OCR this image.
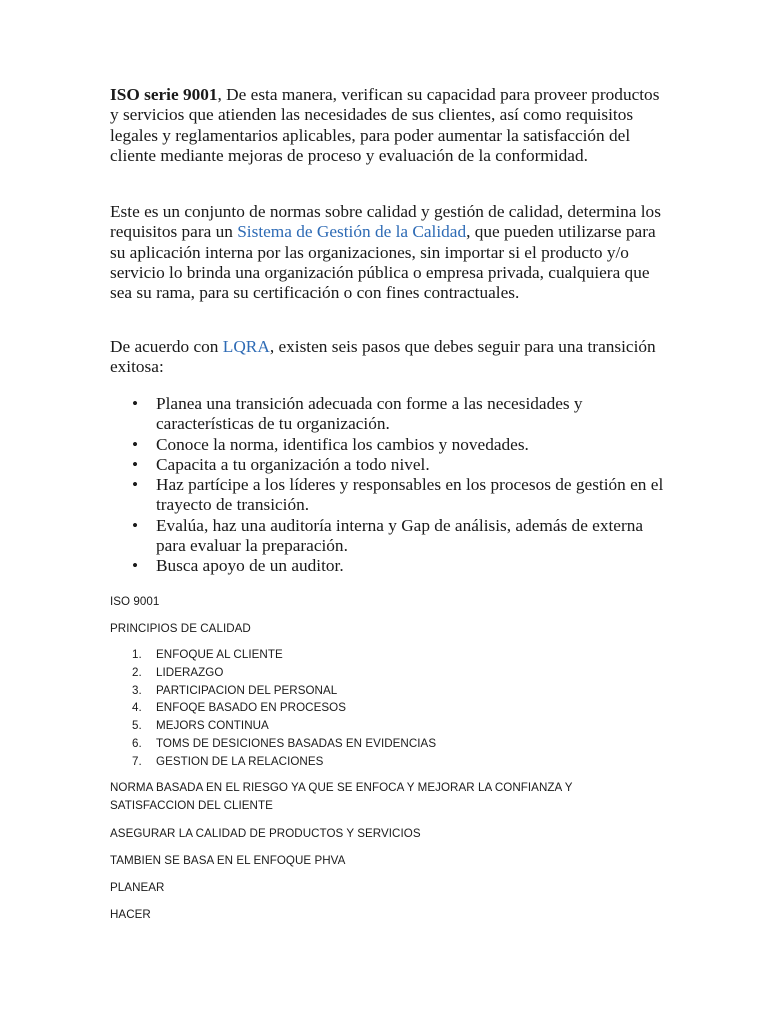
ISO serie 9001, De esta manera, verifican su capacidad para proveer productos y servicios que atienden las necesidades de sus clientes, así como requisitos legales y reglamentarios aplicables, para poder aumentar la satisfacción del cliente mediante mejoras de proceso y evaluación de la conformidad.

Este es un conjunto de normas sobre calidad y gestión de calidad, determina los requisitos para un Sistema de Gestión de la Calidad, que pueden utilizarse para su aplicación interna por las organizaciones, sin importar si el producto y/o servicio lo brinda una organización pública o empresa privada, cualquiera que sea su rama, para su certificación o con fines contractuales.

De acuerdo con LQRA, existen seis pasos que debes seguir para una transición exitosa:

• Planea una transición adecuada con forme a las necesidades y características de tu organización.
• Conoce la norma, identifica los cambios y novedades.
• Capacita a tu organización a todo nivel.
• Haz partícipe a los líderes y responsables en los procesos de gestión en el trayecto de transición.
• Evalúa, haz una auditoría interna y Gap de análisis, además de externa para evaluar la preparación.
• Busca apoyo de un auditor.

ISO 9001

PRINCIPIOS DE CALIDAD

1. ENFOQUE AL CLIENTE
2. LIDERAZGO
3. PARTICIPACION DEL PERSONAL
4. ENFOQE BASADO EN PROCESOS
5. MEJORS CONTINUA
6. TOMS DE DESICIONES BASADAS EN EVIDENCIAS
7. GESTION DE LA RELACIONES

NORMA BASADA EN EL RIESGO YA QUE SE ENFOCA Y MEJORAR LA CONFIANZA Y SATISFACCION DEL CLIENTE

ASEGURAR LA CALIDAD DE PRODUCTOS Y SERVICIOS

TAMBIEN SE BASA EN EL ENFOQUE PHVA

PLANEAR

HACER
